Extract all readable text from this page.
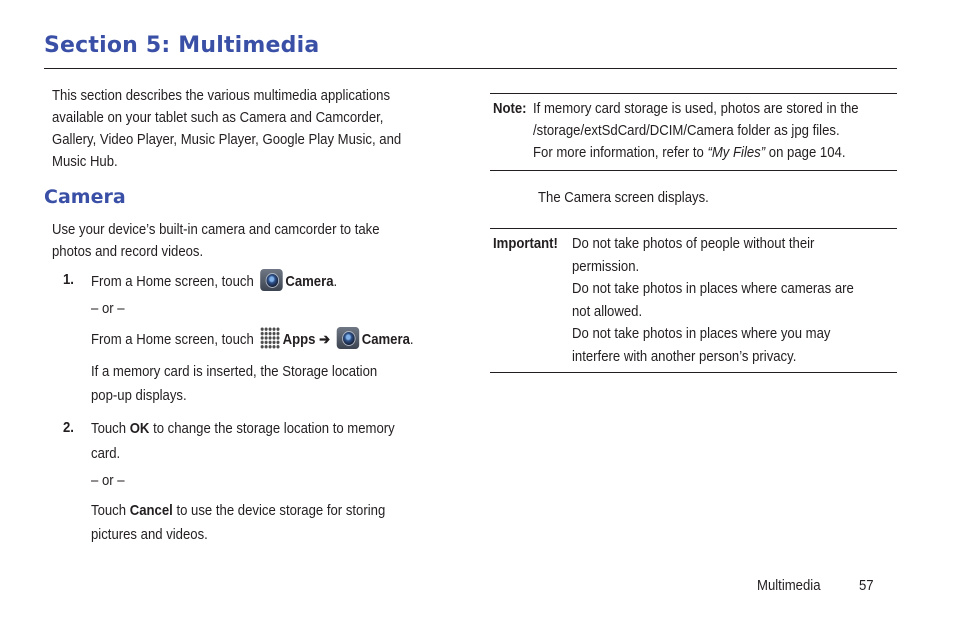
Section 5: Multimedia
This section describes the various multimedia applications
available on your tablet such as Camera and Camcorder,
Gallery, Video Player, Music Player, Google Play Music, and
Music Hub.
Camera
Use your device’s built-in camera and camcorder to take
photos and record videos.
1. From a Home screen, touch Camera.
– or –
From a Home screen, touch Apps ➔ Camera.
If a memory card is inserted, the Storage location
pop-up displays.
2. Touch OK to change the storage location to memory
card.
– or –
Touch Cancel to use the device storage for storing
pictures and videos.
Note: If memory card storage is used, photos are stored in the
/storage/extSdCard/DCIM/Camera folder as jpg files.
For more information, refer to “My Files” on page 104.
The Camera screen displays.
Important! Do not take photos of people without their
permission.
Do not take photos in places where cameras are
not allowed.
Do not take photos in places where you may
interfere with another person’s privacy.
Multimedia	57
